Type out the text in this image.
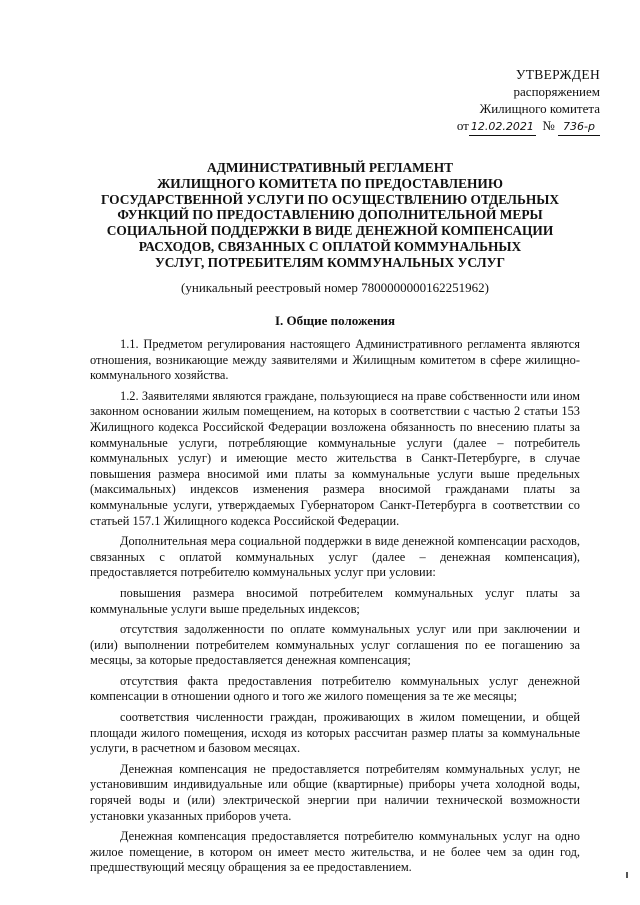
УТВЕРЖДЕН
распоряжением
Жилищного комитета
от 12.02.2021 № 736-р
АДМИНИСТРАТИВНЫЙ РЕГЛАМЕНТ
ЖИЛИЩНОГО КОМИТЕТА ПО ПРЕДОСТАВЛЕНИЮ
ГОСУДАРСТВЕННОЙ УСЛУГИ ПО ОСУЩЕСТВЛЕНИЮ ОТДЕЛЬНЫХ
ФУНКЦИЙ ПО ПРЕДОСТАВЛЕНИЮ ДОПОЛНИТЕЛЬНОЙ МЕРЫ
СОЦИАЛЬНОЙ ПОДДЕРЖКИ В ВИДЕ ДЕНЕЖНОЙ КОМПЕНСАЦИИ
РАСХОДОВ, СВЯЗАННЫХ С ОПЛАТОЙ КОММУНАЛЬНЫХ
УСЛУГ, ПОТРЕБИТЕЛЯМ КОММУНАЛЬНЫХ УСЛУГ
(уникальный реестровый номер 7800000000162251962)
I. Общие положения

1.1. Предметом регулирования настоящего Административного регламента являются отношения, возникающие между заявителями и Жилищным комитетом в сфере жилищно-коммунального хозяйства.

1.2. Заявителями являются граждане, пользующиеся на праве собственности или ином законном основании жилым помещением, на которых в соответствии с частью 2 статьи 153 Жилищного кодекса Российской Федерации возложена обязанность по внесению платы за коммунальные услуги, потребляющие коммунальные услуги (далее – потребитель коммунальных услуг) и имеющие место жительства в Санкт-Петербурге, в случае повышения размера вносимой ими платы за коммунальные услуги выше предельных (максимальных) индексов изменения размера вносимой гражданами платы за коммунальные услуги, утверждаемых Губернатором Санкт-Петербурга в соответствии со статьей 157.1 Жилищного кодекса Российской Федерации.

Дополнительная мера социальной поддержки в виде денежной компенсации расходов, связанных с оплатой коммунальных услуг (далее – денежная компенсация), предоставляется потребителю коммунальных услуг при условии:

повышения размера вносимой потребителем коммунальных услуг платы за коммунальные услуги выше предельных индексов;

отсутствия задолженности по оплате коммунальных услуг или при заключении и (или) выполнении потребителем коммунальных услуг соглашения по ее погашению за месяцы, за которые предоставляется денежная компенсация;

отсутствия факта предоставления потребителю коммунальных услуг денежной компенсации в отношении одного и того же жилого помещения за те же месяцы;

соответствия численности граждан, проживающих в жилом помещении, и общей площади жилого помещения, исходя из которых рассчитан размер платы за коммунальные услуги, в расчетном и базовом месяцах.

Денежная компенсация не предоставляется потребителям коммунальных услуг, не установившим индивидуальные или общие (квартирные) приборы учета холодной воды, горячей воды и (или) электрической энергии при наличии технической возможности установки указанных приборов учета.

Денежная компенсация предоставляется потребителю коммунальных услуг на одно жилое помещение, в котором он имеет место жительства, и не более чем за один год, предшествующий месяцу обращения за ее предоставлением.
